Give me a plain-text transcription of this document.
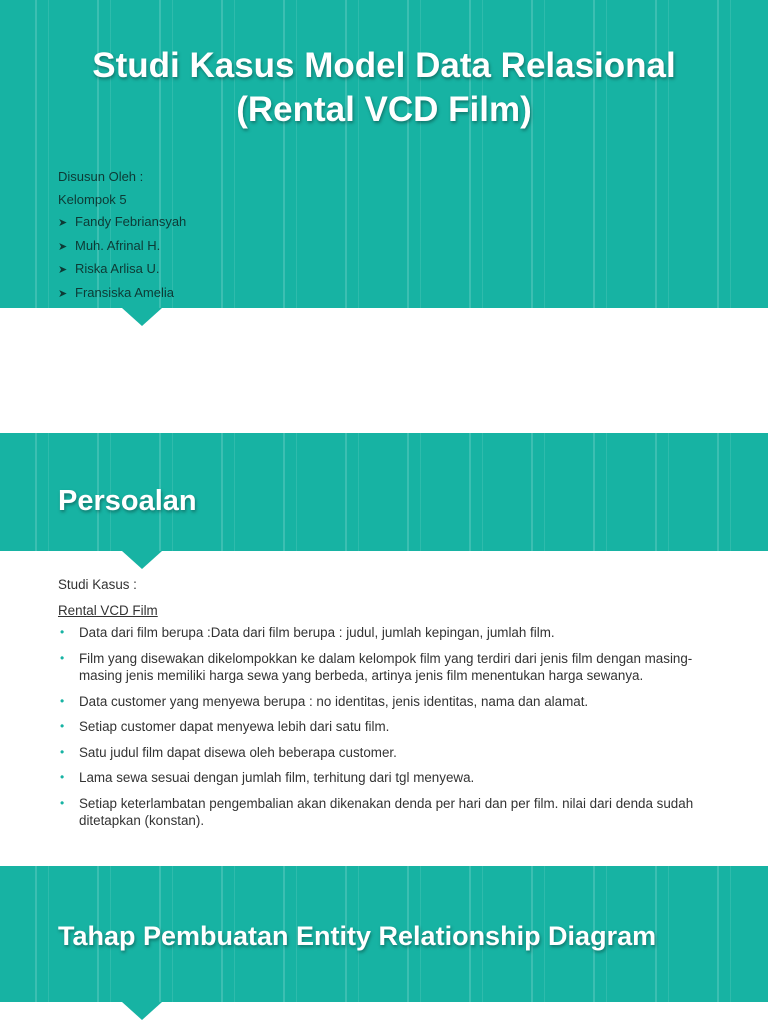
Studi Kasus Model Data Relasional
(Rental VCD Film)
Disusun Oleh :
Kelompok 5
➤ Fandy Febriansyah
➤ Muh. Afrinal H.
➤ Riska Arlisa U.
➤ Fransiska Amelia
Persoalan
Studi Kasus :
Rental VCD Film
• Data dari film berupa :Data dari film berupa : judul, jumlah kepingan, jumlah film.
• Film yang disewakan dikelompokkan ke dalam kelompok film yang terdiri dari jenis film dengan masing-masing jenis memiliki harga sewa yang berbeda, artinya jenis film menentukan harga sewanya.
• Data customer yang menyewa berupa : no identitas, jenis identitas, nama dan alamat.
• Setiap customer dapat menyewa lebih dari satu film.
• Satu judul film dapat disewa oleh beberapa customer.
• Lama sewa sesuai dengan jumlah film, terhitung dari tgl menyewa.
• Setiap keterlambatan pengembalian akan dikenakan denda per hari dan per film. nilai dari denda sudah ditetapkan (konstan).
Tahap Pembuatan Entity Relationship Diagram
